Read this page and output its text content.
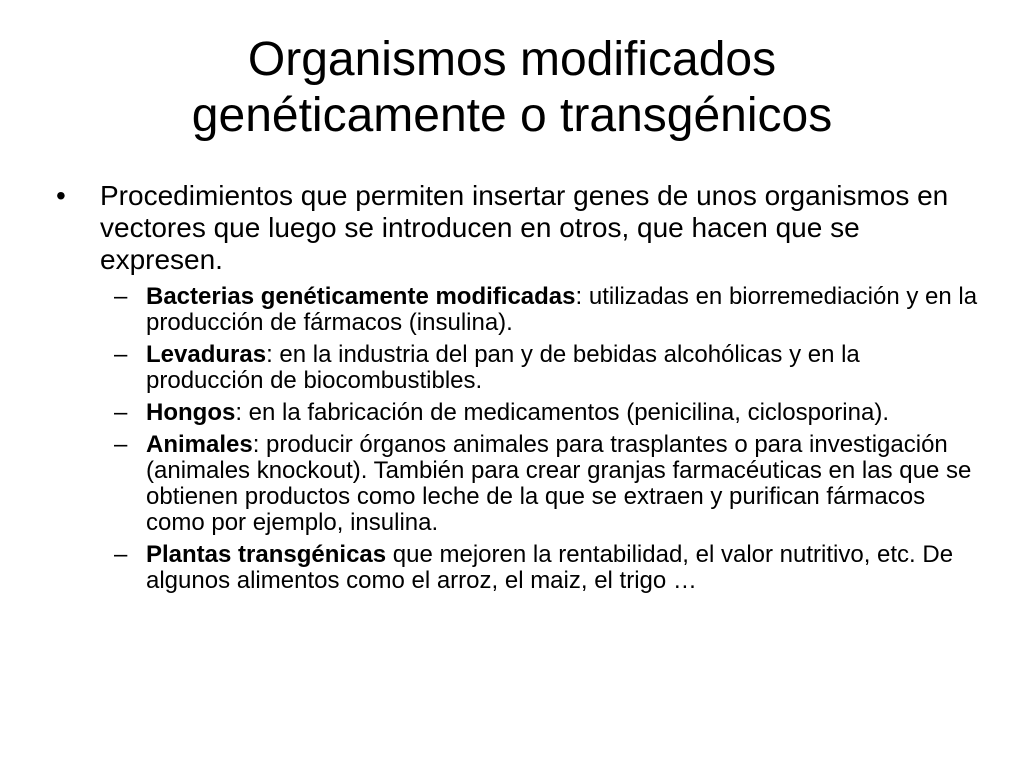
Organismos modificados
genéticamente o transgénicos
• Procedimientos que permiten insertar genes de unos organismos en vectores que luego se introducen en otros, que hacen que se expresen.
– Bacterias genéticamente modificadas: utilizadas en biorremediación y en la producción de fármacos (insulina).
– Levaduras: en la industria del pan y de bebidas alcohólicas y en la producción de biocombustibles.
– Hongos: en la fabricación de medicamentos (penicilina, ciclosporina).
– Animales: producir órganos animales para trasplantes o para investigación (animales knockout). También para crear granjas farmacéuticas en las que se obtienen productos como leche de la que se extraen y purifican fármacos como por ejemplo, insulina.
– Plantas transgénicas que mejoren la rentabilidad, el valor nutritivo, etc. De algunos alimentos como el arroz, el maiz, el trigo …
